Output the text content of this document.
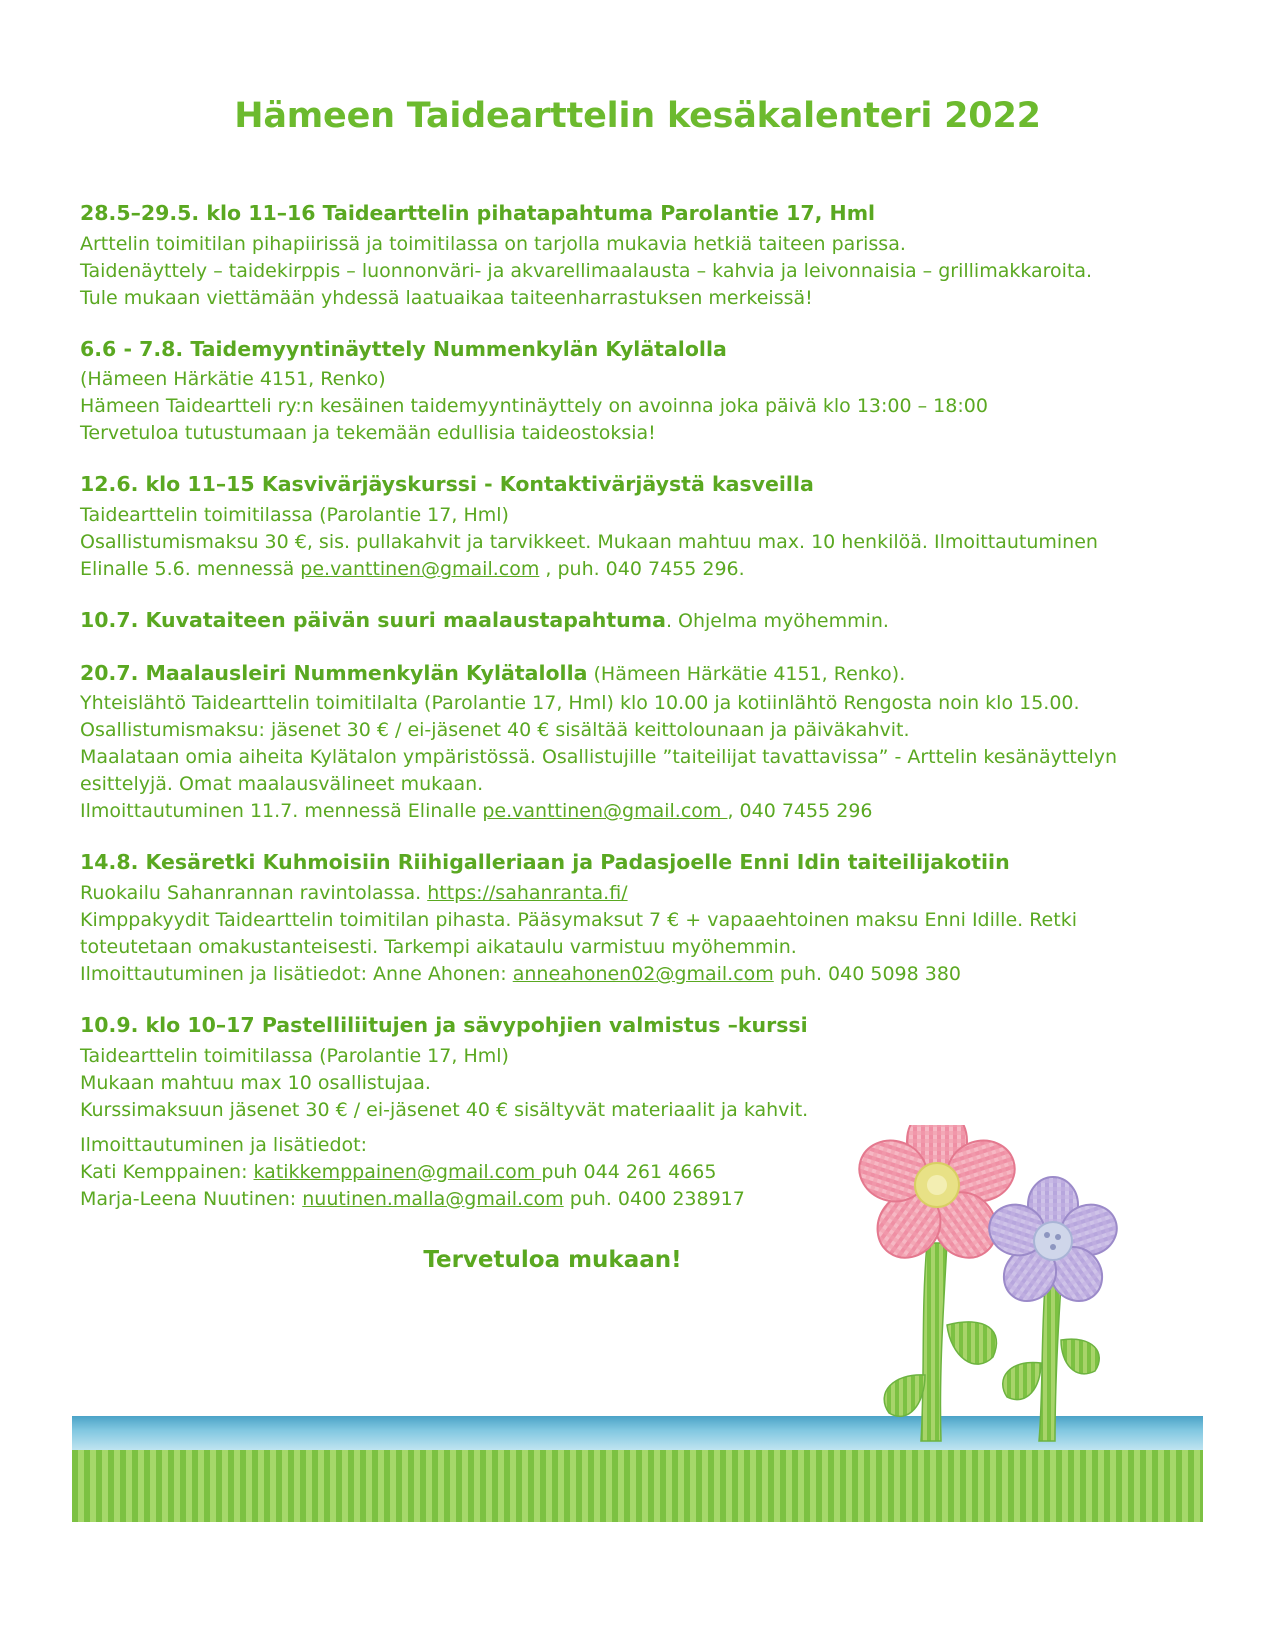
Hämeen Taidearttelin kesäkalenteri 2022
28.5–29.5. klo 11–16 Taidearttelin pihatapahtuma Parolantie 17, Hml
Arttelin toimitilan pihapiirissä ja toimitilassa on tarjolla mukavia hetkiä taiteen parissa.
Taidenäyttely – taidekirppis – luonnonväri- ja akvarellimaalausta – kahvia ja leivonnaisia – grillimakkaroita.
Tule mukaan viettämään yhdessä laatuaikaa taiteenharrastuksen merkeissä!
6.6 - 7.8. Taidemyyntinäyttely Nummenkylän Kylätalolla
(Hämeen Härkätie 4151, Renko)
Hämeen Taideartteli ry:n kesäinen taidemyyntinäyttely on avoinna joka päivä klo 13:00 – 18:00
Tervetuloa tutustumaan ja tekemään edullisia taideostoksia!
12.6. klo 11–15 Kasvivärjäyskurssi - Kontaktivärjäystä kasveilla
Taidearttelin toimitilassa (Parolantie 17, Hml)
Osallistumismaksu 30 €, sis. pullakahvit ja tarvikkeet. Mukaan mahtuu max. 10 henkilöä. Ilmoittautuminen
Elinalle 5.6. mennessä pe.vanttinen@gmail.com , puh. 040 7455 296.
10.7. Kuvataiteen päivän suuri maalaustapahtuma. Ohjelma myöhemmin.
20.7. Maalausleiri Nummenkylän Kylätalolla (Hämeen Härkätie 4151, Renko).
Yhteislähtö Taidearttelin toimitilalta (Parolantie 17, Hml) klo 10.00 ja kotiinlähtö Rengosta noin klo 15.00.
Osallistumismaksu: jäsenet 30 € / ei-jäsenet 40 € sisältää keittolounaan ja päiväkahvit.
Maalataan omia aiheita Kylätalon ympäristössä. Osallistujille ”taiteilijat tavattavissa” - Arttelin kesänäyttelyn
esittelyjä. Omat maalausvälineet mukaan.
Ilmoittautuminen 11.7. mennessä Elinalle pe.vanttinen@gmail.com , 040 7455 296
14.8. Kesäretki Kuhmoisiin Riihigalleriaan ja Padasjoelle Enni Idin taiteilijakotiin
Ruokailu Sahanrannan ravintolassa. https://sahanranta.fi/
Kimppakyydit Taidearttelin toimitilan pihasta. Pääsymaksut 7 € + vapaaehtoinen maksu Enni Idille. Retki
toteutetaan omakustanteisesti. Tarkempi aikataulu varmistuu myöhemmin.
Ilmoittautuminen ja lisätiedot: Anne Ahonen: anneahonen02@gmail.com puh. 040 5098 380
10.9. klo 10–17 Pastelliliitujen ja sävypohjien valmistus –kurssi
Taidearttelin toimitilassa (Parolantie 17, Hml)
Mukaan mahtuu max 10 osallistujaa.
Kurssimaksuun jäsenet 30 € / ei-jäsenet 40 € sisältyvät materiaalit ja kahvit.
Ilmoittautuminen ja lisätiedot:
Kati Kemppainen: katikkemppainen@gmail.com puh 044 261 4665
Marja-Leena Nuutinen: nuutinen.malla@gmail.com puh. 0400 238917
Tervetuloa mukaan!
